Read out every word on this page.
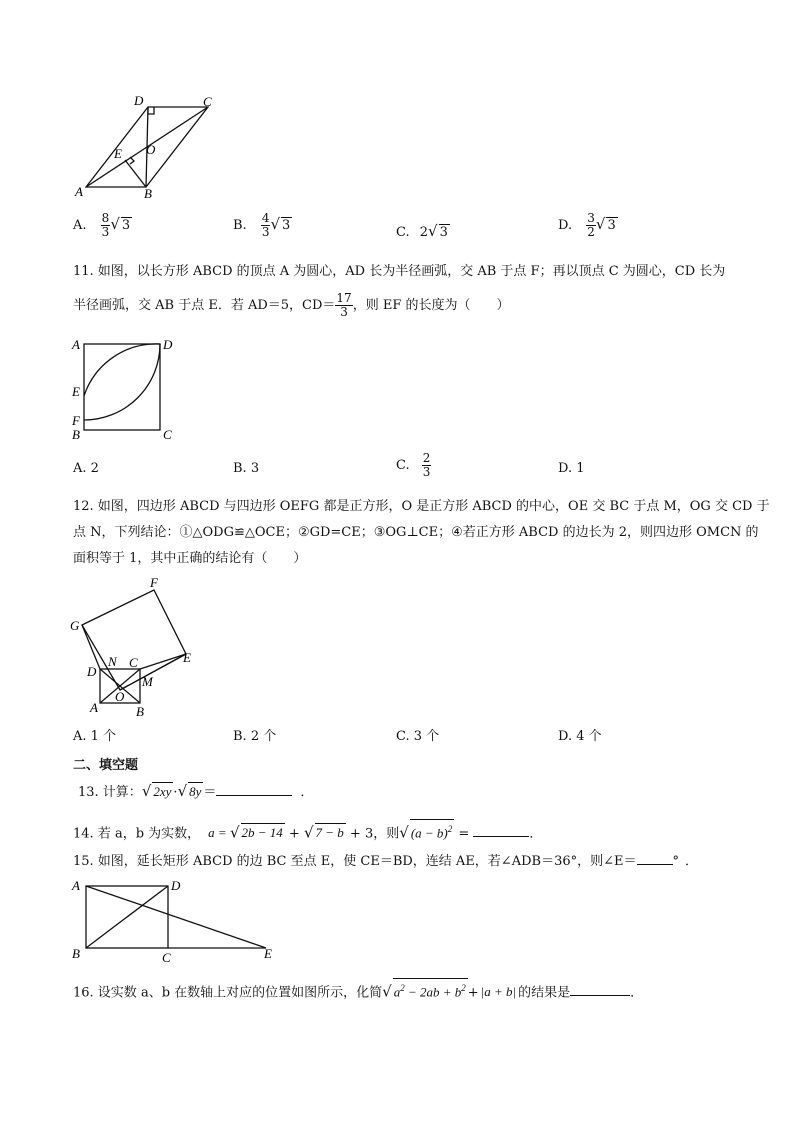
D	C
E O
A	B
A. $\frac{8}{3}$ √ 3	B. $\frac{4}{3}$ √ 3	C. 2√ 3	D. $\frac{3}{2}$ √ 3
11. 如图，以长方形 ABCD 的顶点 A 为圆心，AD 长为半径画弧，交 AB 于点 F；再以顶点 C 为圆心，CD 长为
半径画弧，交 AB 于点 E．若 AD＝5，$CD= \frac{17}{3}$ ，则 EF 的长度为（　　）
A	D
E
F
B	C
A. 2	B. 3	C. $\frac{2}{3}$	D. 1
12. 如图，四边形 ABCD 与四边形 OEFG 都是正方形，O 是正方形 ABCD 的中心，OE 交 BC 于点 M，OG 交 CD 于
点 N，下列结论：①△ODG≌△OCE；②GD=CE；③OG⊥CE；④若正方形 ABCD 的边长为 2，则四边形 OMCN 的
面积等于 1，其中正确的结论有（　　）
F
G
E
N C
D
M
O
A	B
A. 1 个	B. 2 个	C. 3 个	D. 4 个
二、填空题
13. 计算：√ 2xy ·√ 8y ＝	．
14. 若 a，b 为实数， a = √ 2b − 14 + √ 7 − b + 3，则√ $(a - b)^2$ =	．
15. 如图，延长矩形 ABCD 的边 BC 至点 E，使 CE＝BD，连结 AE，若∠ADB＝36°，则∠E＝	° ．
A	D
B	C	E
16. 设实数 a、b 在数轴上对应的位置如图所示，化简√ $a^2 - 2ab + b^2 + |a + b|$ 的结果是	．
